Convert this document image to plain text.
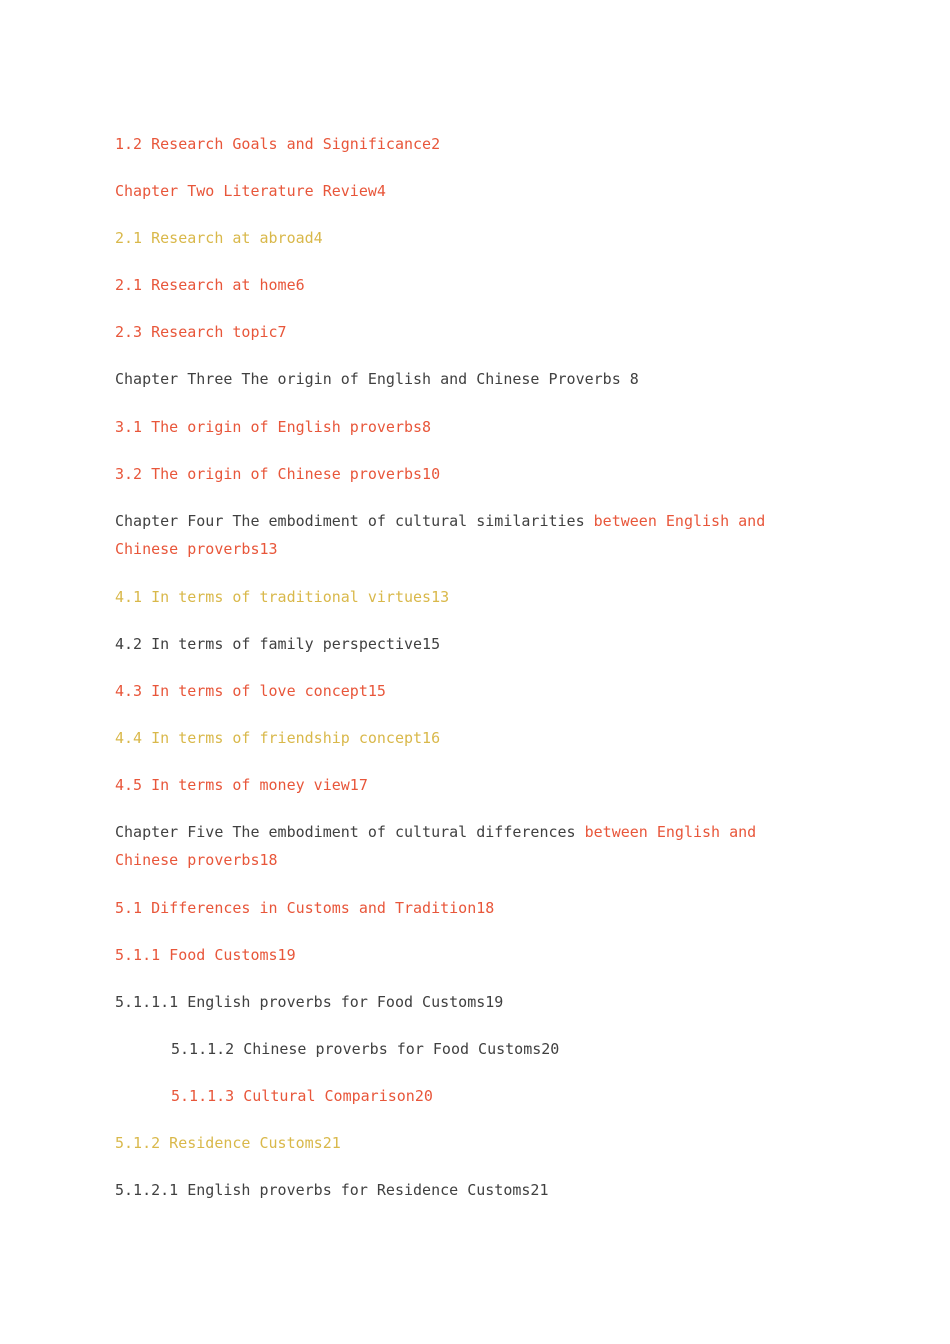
1.2 Research Goals and Significance2

Chapter Two Literature Review4

2.1 Research at abroad4

2.1 Research at home6

2.3 Research topic7

Chapter Three The origin of English and Chinese Proverbs 8

3.1 The origin of English proverbs8

3.2 The origin of Chinese proverbs10

Chapter Four The embodiment of cultural similarities between English and Chinese proverbs13

4.1 In terms of traditional virtues13

4.2 In terms of family perspective15

4.3 In terms of love concept15

4.4 In terms of friendship concept16

4.5 In terms of money view17

Chapter Five The embodiment of cultural differences between English and Chinese proverbs18

5.1 Differences in Customs and Tradition18

5.1.1 Food Customs19

5.1.1.1 English proverbs for Food Customs19

5.1.1.2 Chinese proverbs for Food Customs20

5.1.1.3 Cultural Comparison20

5.1.2 Residence Customs21

5.1.2.1 English proverbs for Residence Customs21
